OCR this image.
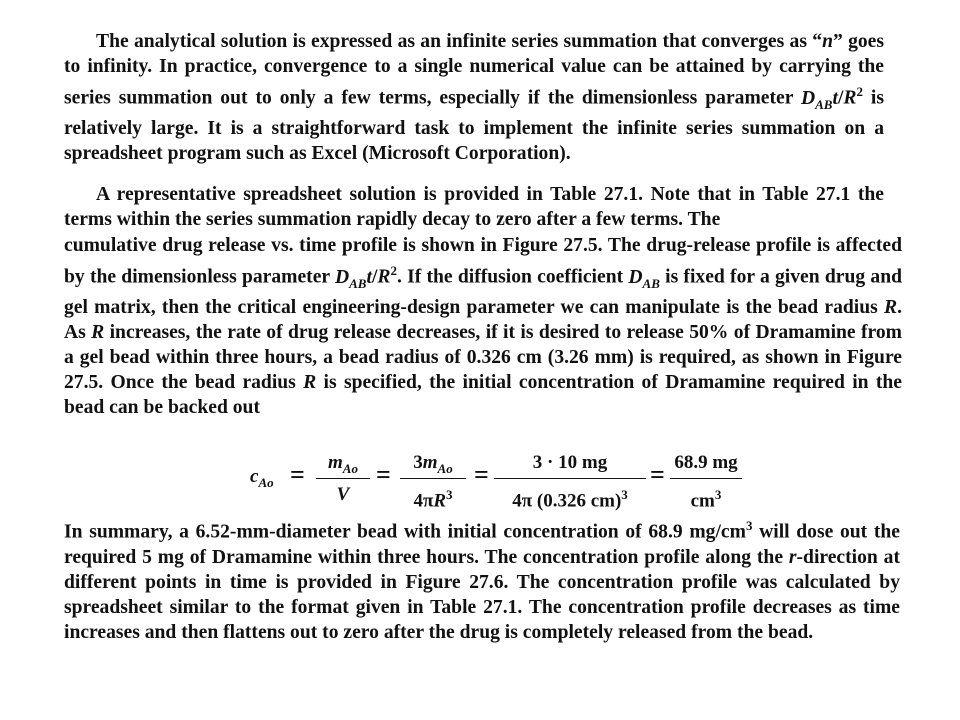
The analytical solution is expressed as an infinite series summation that converges as “n” goes to infinity. In practice, convergence to a single numerical value can be attained by carrying the series summation out to only a few terms, especially if the dimensionless parameter $D_{AB}t/R^2$ is relatively large. It is a straightforward task to implement the infinite series summation on a spreadsheet program such as Excel (Microsoft Corporation).

A representative spreadsheet solution is provided in Table 27.1. Note that in Table 27.1 the terms within the series summation rapidly decay to zero after a few terms. The

cumulative drug release vs. time profile is shown in Figure 27.5. The drug-release profile is affected by the dimensionless parameter $D_{AB}t/R^2$. If the diffusion coefficient $D_{AB}$ is fixed for a given drug and gel matrix, then the critical engineering-design parameter we can manipulate is the bead radius R. As R increases, the rate of drug release decreases, if it is desired to release 50% of Dramamine from a gel bead within three hours, a bead radius of 0.326 cm (3.26 mm) is required, as shown in Figure 27.5. Once the bead radius R is specified, the initial concentration of Dramamine required in the bead can be backed out

$c_{Ao}$ =	$m_{Ao}$
V
=	$3m_{Ao}$
$4\pi R^3$
=	3 · 10 mg
4π (0.326 cm)$^3$
= 68.9 mg
$cm^3$

In summary, a 6.52-mm-diameter bead with initial concentration of 68.9 $mg/cm^3$ will dose out the required 5 mg of Dramamine within three hours. The concentration profile along the r-direction at different points in time is provided in Figure 27.6. The concentration profile was calculated by spreadsheet similar to the format given in Table 27.1. The concentration profile decreases as time increases and then flattens out to zero after the drug is completely released from the bead.
